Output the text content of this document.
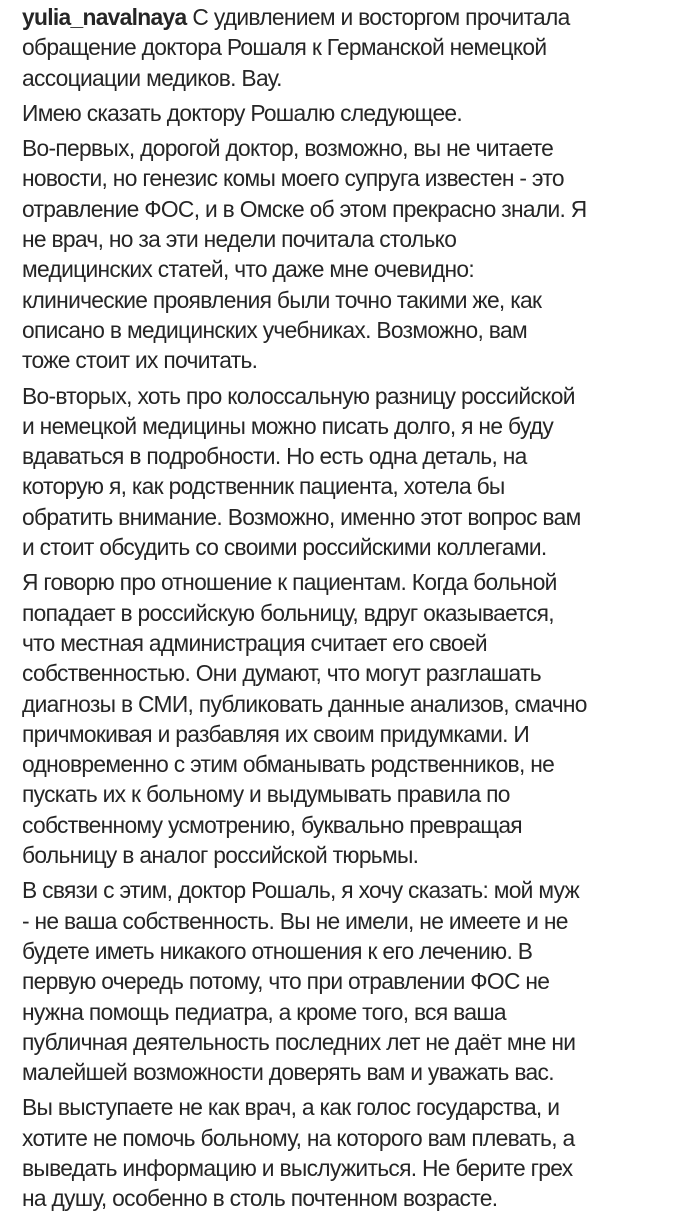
yulia_navalnaya С удивлением и восторгом прочитала
обращение доктора Рошаля к Германской немецкой
ассоциации медиков. Вау.
Имею сказать доктору Рошалю следующее.
Во-первых, дорогой доктор, возможно, вы не читаете
новости, но генезис комы моего супруга известен - это
отравление ФОС, и в Омске об этом прекрасно знали. Я
не врач, но за эти недели почитала столько
медицинских статей, что даже мне очевидно:
клинические проявления были точно такими же, как
описано в медицинских учебниках. Возможно, вам
тоже стоит их почитать.
Во-вторых, хоть про колоссальную разницу российской
и немецкой медицины можно писать долго, я не буду
вдаваться в подробности. Но есть одна деталь, на
которую я, как родственник пациента, хотела бы
обратить внимание. Возможно, именно этот вопрос вам
и стоит обсудить со своими российскими коллегами.
Я говорю про отношение к пациентам. Когда больной
попадает в российскую больницу, вдруг оказывается,
что местная администрация считает его своей
собственностью. Они думают, что могут разглашать
диагнозы в СМИ, публиковать данные анализов, смачно
причмокивая и разбавляя их своим придумками. И
одновременно с этим обманывать родственников, не
пускать их к больному и выдумывать правила по
собственному усмотрению, буквально превращая
больницу в аналог российской тюрьмы.
В связи с этим, доктор Рошаль, я хочу сказать: мой муж
- не ваша собственность. Вы не имели, не имеете и не
будете иметь никакого отношения к его лечению. В
первую очередь потому, что при отравлении ФОС не
нужна помощь педиатра, а кроме того, вся ваша
публичная деятельность последних лет не даёт мне ни
малейшей возможности доверять вам и уважать вас.
Вы выступаете не как врач, а как голос государства, и
хотите не помочь больному, на которого вам плевать, а
выведать информацию и выслужиться. Не берите грех
на душу, особенно в столь почтенном возрасте.
